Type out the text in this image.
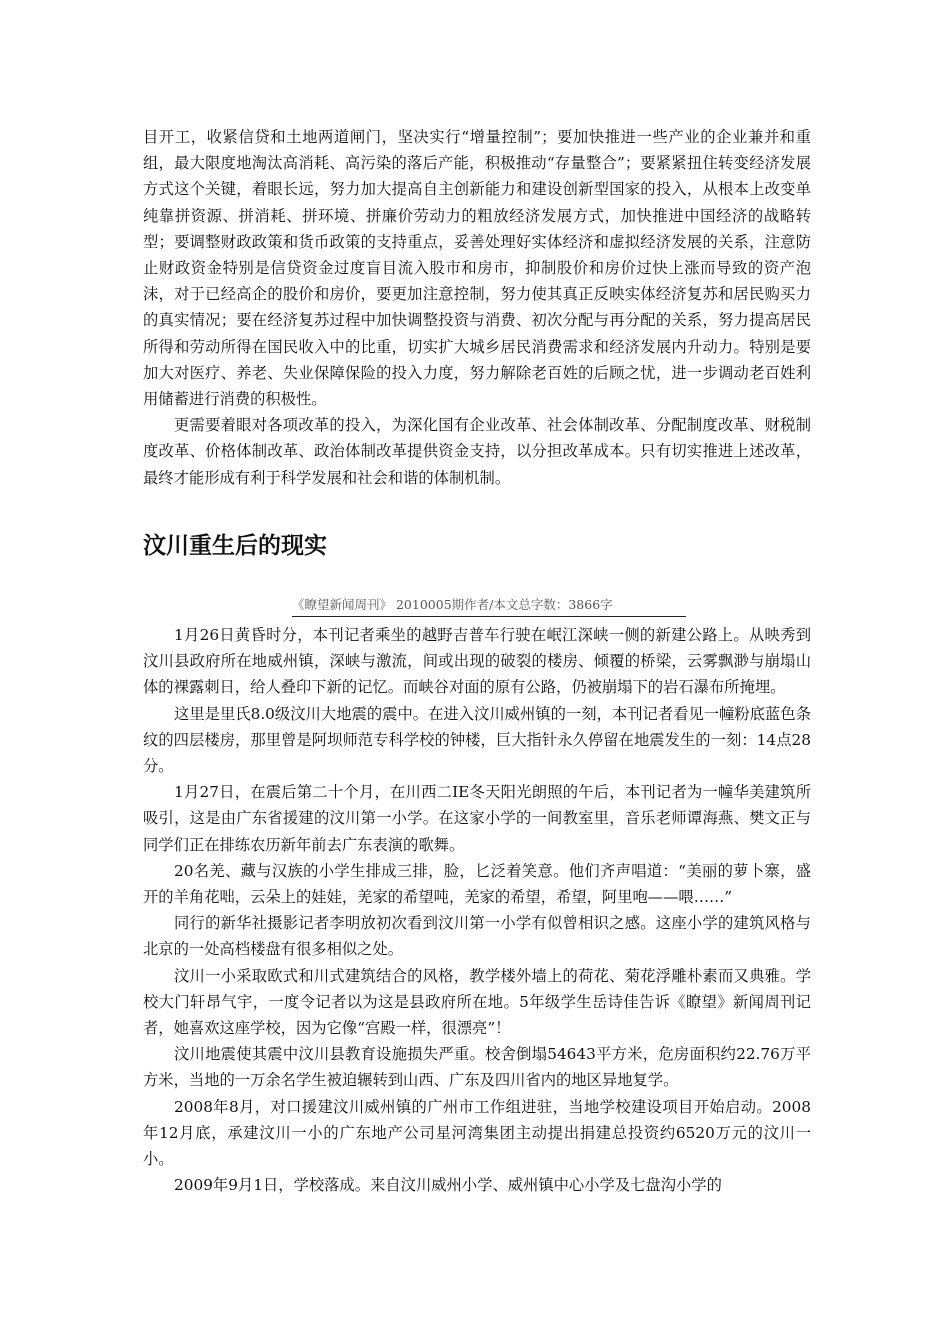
目开工，收紧信贷和土地两道闸门，坚决实行“增量控制”；要加快推进一些产业的企业兼并和重组，最大限度地淘汰高消耗、高污染的落后产能，积极推动“存量整合”；要紧紧扭住转变经济发展方式这个关键，着眼长远，努力加大提高自主创新能力和建设创新型国家的投入，从根本上改变单纯靠拼资源、拼消耗、拼环境、拼廉价劳动力的粗放经济发展方式，加快推进中国经济的战略转型；要调整财政政策和货币政策的支持重点，妥善处理好实体经济和虚拟经济发展的关系，注意防止财政资金特别是信贷资金过度盲目流入股市和房市，抑制股价和房价过快上涨而导致的资产泡沫，对于已经高企的股价和房价，要更加注意控制，努力使其真正反映实体经济复苏和居民购买力的真实情况；要在经济复苏过程中加快调整投资与消费、初次分配与再分配的关系，努力提高居民所得和劳动所得在国民收入中的比重，切实扩大城乡居民消费需求和经济发展内升动力。特别是要加大对医疗、养老、失业保障保险的投入力度，努力解除老百姓的后顾之忧，进一步调动老百姓利用储蓄进行消费的积极性。

更需要着眼对各项改革的投入，为深化国有企业改革、社会体制改革、分配制度改革、财税制度改革、价格体制改革、政治体制改革提供资金支持，以分担改革成本。只有切实推进上述改革，最终才能形成有利于科学发展和社会和谐的体制机制。

汶川重生后的现实
《瞭望新闻周刊》 2010005期作者/本文总字数：3866字

1月26日黄昏时分，本刊记者乘坐的越野吉普车行驶在岷江深峡一侧的新建公路上。从映秀到汶川县政府所在地威州镇，深峡与激流，间或出现的破裂的楼房、倾覆的桥梁，云雾飘渺与崩塌山体的裸露刺日，给人叠印下新的记忆。而峡谷对面的原有公路，仍被崩塌下的岩石瀑布所掩埋。

这里是里氏8.0级汶川大地震的震中。在进入汶川威州镇的一刻，本刊记者看见一幢粉底蓝色条纹的四层楼房，那里曾是阿坝师范专科学校的钟楼，巨大指针永久停留在地震发生的一刻：14点28分。

1月27日，在震后第二十个月，在川西二IE冬天阳光朗照的午后，本刊记者为一幢华美建筑所吸引，这是由广东省援建的汶川第一小学。在这家小学的一间教室里，音乐老师谭海燕、樊文正与同学们正在排练农历新年前去广东表演的歌舞。

20名羌、藏与汉族的小学生排成三排，脸，匕泛着笑意。他们齐声唱道：“美丽的萝卜寨，盛开的羊角花咄，云朵上的娃娃，羌家的希望吨，羌家的希望，希望，阿里咆——喂……”

同行的新华社摄影记者李明放初次看到汶川第一小学有似曾相识之感。这座小学的建筑风格与北京的一处高档楼盘有很多相似之处。

汶川一小采取欧式和川式建筑结合的风格，教学楼外墙上的荷花、菊花浮雕朴素而又典雅。学校大门轩昂气宇，一度令记者以为这是县政府所在地。5年级学生岳诗佳告诉《瞭望》新闻周刊记者，她喜欢这座学校，因为它像“宫殿一样，很漂亮”！

汶川地震使其震中汶川县教育设施损失严重。校舍倒塌54643平方米，危房面积约22.76万平方米，当地的一万余名学生被迫辗转到山西、广东及四川省内的地区异地复学。

2008年8月，对口援建汶川威州镇的广州市工作组进驻，当地学校建设项目开始启动。2008年12月底，承建汶川一小的广东地产公司星河湾集团主动提出捐建总投资约6520万元的汶川一小。

2009年9月1日，学校落成。来自汶川威州小学、威州镇中心小学及七盘沟小学的
